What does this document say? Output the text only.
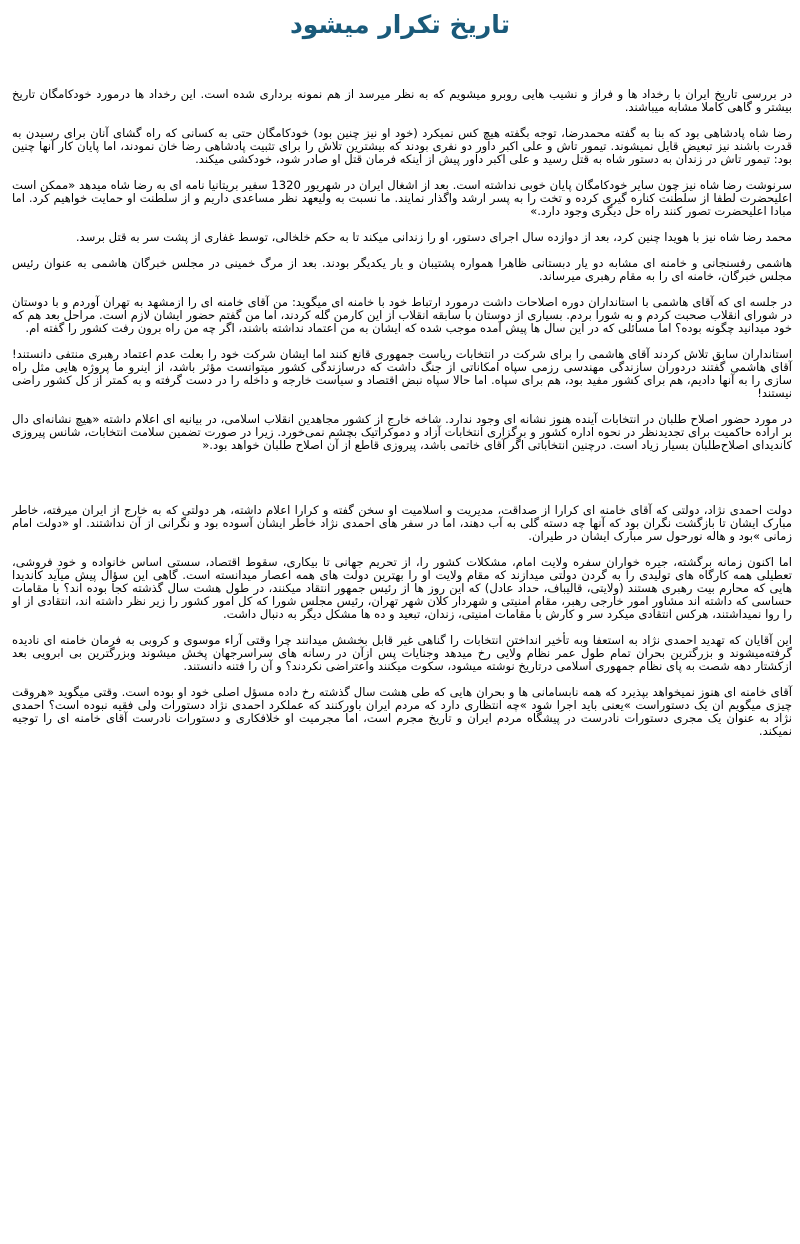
تاریخ تکرار میشود

در بررسی تاریخ ایران با رخداد ها و فراز و نشیب هایی روبرو میشویم که به نظر میرسد از هم نمونه برداری شده است. این رخداد ها درمورد خودکامگان تاریخ بیشتر و گاهی کاملا مشابه میباشند.

رضا شاه پادشاهی بود که بنا به گفته محمدرضا، توجه بگفته هیچ کس نمیکرد (خود او نیز چنین بود) خودکامگان حتی به کسانی که راه گشای آنان برای رسیدن به قدرت باشند نیز تبعیض قایل نمیشوند. تیمور تاش و علی اکبر داور دو نفری بودند که بیشترین تلاش را برای تثبیت پادشاهی رضا خان نمودند، اما پایان کار آنها چنین بود: تیمور تاش در زندان به دستور شاه به قتل رسید و علی اکبر داور پیش از اینکه فرمان قتل او صادر شود، خودکشی میکند.

سرنوشت رضا شاه نیز چون سایر خودکامگان پایان خوبی نداشته است. بعد از اشغال ایران در شهریور 1320 سفیر بریتانیا نامه ای به رضا شاه میدهد «ممکن است اعلیحضرت لطفا از سلطنت کناره گیری کرده و تخت را به پسر ارشد واگذار نمایند. ما نسبت به ولیعهد نظر مساعدی داریم و از سلطنت او حمایت خواهیم کرد. اما مبادا اعلیحضرت تصور کنند راه حل دیگری وجود دارد.»

محمد رضا شاه نیز با هویدا چنین کرد، بعد از دوازده سال اجرای دستور، او را زندانی میکند تا به حکم خلخالی، توسط غفاری از پشت سر به قتل برسد.

هاشمی رفسنجانی و خامنه ای مشابه دو یار دبستانی ظاهرا همواره پشتیبان و یار یکدیگر بودند. بعد از مرگ خمینی در مجلس خبرگان هاشمی به عنوان رئیس مجلس خبرگان، خامنه ای را به مقام رهبری میرساند.

در جلسه ای که آقای هاشمی با استانداران دوره اصلاحات داشت درمورد ارتباط خود با خامنه ای میگوید: من آقای خامنه ای را ازمشهد به تهران آوردم و با دوستان در شورای انقلاب صحبت کردم و به شورا بردم. بسیاری از دوستان با سابقه انقلاب از این کارمن گله کردند، اما من گفتم حضور ایشان لازم است. مراحل بعد هم که خود میدانید چگونه بوده؟ اما مسائلی که در این سال ها پیش آمده موجب شده که ایشان به من اعتماد نداشته باشند، اگر چه من راه برون رفت کشور را گفته ام.

استانداران سابق تلاش کردند آقای هاشمی را برای شرکت در انتخابات ریاست جمهوری قانع کنند اما ایشان شرکت خود را بعلت عدم اعتماد رهبری منتفی دانستند! آقای هاشمی گفتند دردوران سازندگی مهندسی رزمی سپاه امکاناتی از جنگ داشت که درسازندگی کشور میتوانست مؤثر باشد، از اینرو ما پروژه هایی مثل راه سازی را به آنها دادیم، هم برای کشور مفید بود، هم برای سپاه. اما حالا سپاه نبض اقتصاد و سیاست خارجه و داخله را در دست گرفته و به کمتر از کل کشور راضی نیستند!

در مورد حضور اصلاح طلبان در انتخابات آینده هنوز نشانه ای وجود ندارد. شاخه خارج از کشور مجاهدین انقلاب اسلامی، در بیانیه ای اعلام داشته «هیچ نشانه‌ای دال بر اراده حاکمیت برای تجدیدنظر در نحوه اداره کشور و برگزاری انتخابات آزاد و دموکراتیک بچشم نمی‌خورد. زیرا در صورت تضمین سلامت انتخابات، شانس پیروزی کاندیدای اصلاح‌طلبان بسیار زیاد است. درچنین انتخاباتی اگر آقای خاتمی باشد، پیروزی قاطع از آن اصلاح طلبان خواهد بود.«

دولت احمدی نژاد، دولتی که آقای خامنه ای کرارا از صداقت، مدیریت و اسلامیت او سخن گفته و کرارا اعلام داشته، هر دولتی که به خارج از ایران میرفته، خاطر مبارک ایشان تا بازگشت نگران بود که آنها چه دسته گلی به آب دهند، اما در سفر های احمدی نژاد خاطر ایشان آسوده بود و نگرانی از آن نداشتند. او «دولت امام زمانی »بود و هاله نورحول سر مبارک ایشان در طیران.

اما اکنون زمانه برگشته، جیره خواران سفره ولایت امام، مشکلات کشور را، از تحریم جهانی تا بیکاری، سقوط اقتصاد، سستی اساس خانواده و خود فروشی، تعطیلی همه کارگاه های تولیدی را به گردن دولتی میدازند که مقام ولایت او را بهترین دولت های همه اعصار میدانسته است. گاهی این سؤال پیش میآید کاندیدا هایی که محارم بیت رهبری هستند (ولایتی، قالیباف، حداد عادل) که این روز ها از رئیس جمهور انتقاد میکنند، در طول هشت سال گذشته کجا بوده اند؟ با مقامات حساسی که داشته اند مشاور امور خارجی رهبر، مقام امنیتی و شهردار کلان شهر تهران، رئیس مجلس شورا که کل امور کشور را زیر نظر داشته اند، انتقادی از او را روا نمیداشتند، هرکس انتقادی میکرد سر و کارش با مقامات امنیتی، زندان، تبعید و ده ها مشکل دیگر به دنبال داشت.

این آقایان که تهدید احمدی نژاد به استعفا وبه تأخیر انداختن انتخابات را گناهی غیر قابل بخشش میدانند چرا وقتی آراء موسوی و کروبی به فرمان خامنه ای نادیده گرفته‌میشوند و بزرگترین بحران تمام طول عمر نظام ولایی رخ میدهد وجنایات پس ازآن در رسانه های سراسرجهان پخش میشوند وبزرگترین بی ابرویی بعد ازکشتار دهه شصت به پای نظام جمهوری اسلامی درتاریخ نوشته میشود، سکوت میکنند واعتراضی نکردند؟ و آن را فتنه دانستند.

آقای خامنه ای هنوز نمیخواهد بپذیرد که همه نابسامانی ها و بحران هایی که طی هشت سال گذشته رخ داده مسؤل اصلی خود او بوده است. وقتی میگوید «هروقت چیزی میگویم ان یک دستوراست »یعنی باید اجرا شود »چه انتظاری دارد که مردم ایران باورکنند که عملکرد احمدی نژاد دستورات ولی فقیه نبوده است؟ احمدی نژاد به عنوان یک مجری دستورات نادرست در پیشگاه مردم ایران و تاریخ مجرم است، اما مجرمیت او خلافکاری و دستورات نادرست آقای خامنه ای را توجیه نمیکند.
